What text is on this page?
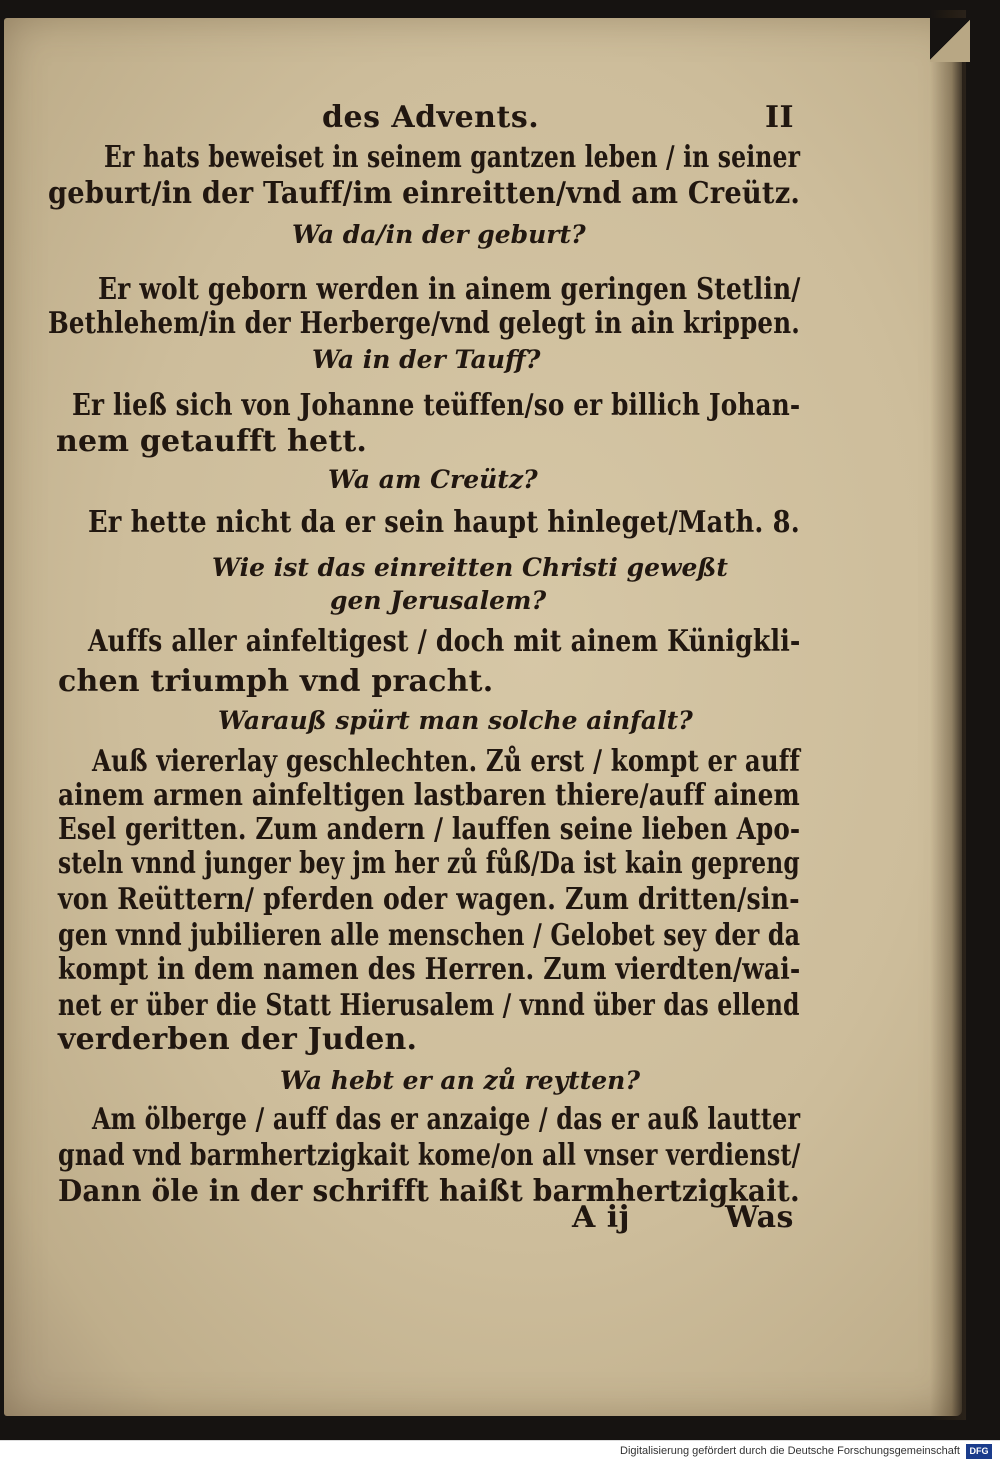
des Advents.	II
Er hats beweiset in seinem gantzen leben / in seiner
geburt/in der Tauff/im einreitten/vnd am Creütz.
Wa da/in der geburt?
Er wolt geborn werden in ainem geringen Stetlin/
Bethlehem/in der Herberge/vnd gelegt in ain krippen.
Wa in der Tauff?
Er ließ sich von Johanne teüffen/so er billich Johan-
nem getaufft hett.
Wa am Creütz?
Er hette nicht da er sein haupt hinleget/Math. 8.
Wie ist das einreitten Christi geweßt
gen Jerusalem?
Auffs aller ainfeltigest / doch mit ainem Künigkli-
chen triumph vnd pracht.
Warauß spürt man solche ainfalt?
Auß viererlay geschlechten. Zů erst / kompt er auff
ainem armen ainfeltigen lastbaren thiere/auff ainem
Esel geritten. Zum andern / lauffen seine lieben Apo-
steln vnnd junger bey jm her zů fůß/Da ist kain gepreng
von Reüttern/ pferden oder wagen. Zum dritten/sin-
gen vnnd jubilieren alle menschen / Gelobet sey der da
kompt in dem namen des Herren. Zum vierdten/wai-
net er über die Statt Hierusalem / vnnd über das ellend
verderben der Juden.
Wa hebt er an zů reytten?
Am ölberge / auff das er anzaige / das er auß lautter
gnad vnd barmhertzigkait kome/on all vnser verdienst/
Dann öle in der schrifft haißt barmhertzigkait.
A ij	Was
Digitalisierung gefördert durch die Deutsche Forschungsgemeinschaft	DFG
